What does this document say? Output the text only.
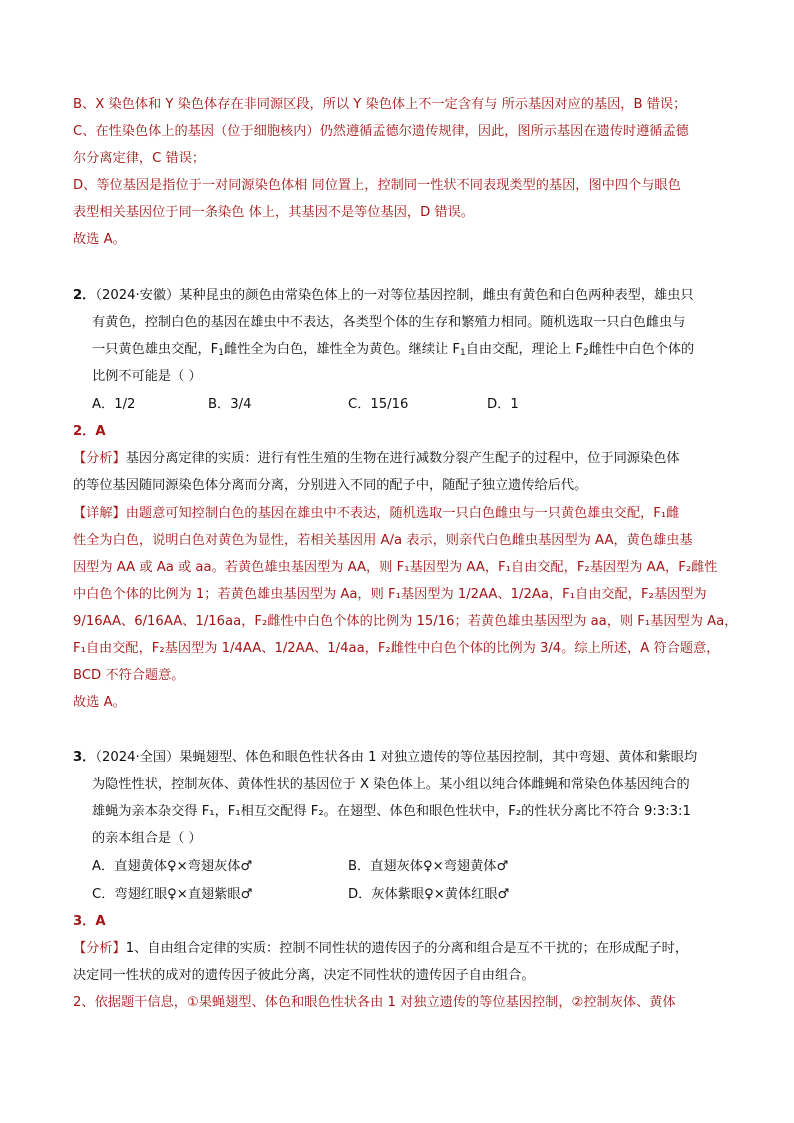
B、X 染色体和 Y 染色体存在非同源区段，所以 Y 染色体上不一定含有与 所示基因对应的基因，B 错误；
C、在性染色体上的基因（位于细胞核内）仍然遵循孟德尔遗传规律，因此，图所示基因在遗传时遵循孟德
尔分离定律，C 错误；
D、等位基因是指位于一对同源染色体相 同位置上，控制同一性状不同表现类型的基因，图中四个与眼色
表型相关基因位于同一条染色 体上，其基因不是等位基因，D 错误。
故选 A。
2．（2024·安徽）某种昆虫的颜色由常染色体上的一对等位基因控制，雌虫有黄色和白色两种表型，雄虫只
有黄色，控制白色的基因在雄虫中不表达，各类型个体的生存和繁殖力相同。随机选取一只白色雌虫与
一只黄色雄虫交配，$F_1$雌性全为白色，雄性全为黄色。继续让 $F_1$自由交配，理论上 $F_2$雌性中白色个体的
比例不可能是（ ）
A．1/2	B．3/4	C．15/16	D．1
2．A
【分析】基因分离定律的实质：进行有性生殖的生物在进行减数分裂产生配子的过程中，位于同源染色体
的等位基因随同源染色体分离而分离，分别进入不同的配子中，随配子独立遗传给后代。
【详解】由题意可知控制白色的基因在雄虫中不表达，随机选取一只白色雌虫与一只黄色雄虫交配，F₁雌
性全为白色，说明白色对黄色为显性，若相关基因用 A/a 表示，则亲代白色雌虫基因型为 AA，黄色雄虫基
因型为 AA 或 Aa 或 aa。若黄色雄虫基因型为 AA，则 F₁基因型为 AA，F₁自由交配，F₂基因型为 AA，F₂雌性
中白色个体的比例为 1；若黄色雄虫基因型为 Aa，则 F₁基因型为 1/2AA、1/2Aa，F₁自由交配，F₂基因型为
9/16AA、6/16AA、1/16aa，F₂雌性中白色个体的比例为 15/16；若黄色雄虫基因型为 aa，则 F₁基因型为 Aa，
F₁自由交配，F₂基因型为 1/4AA、1/2AA、1/4aa，F₂雌性中白色个体的比例为 3/4。综上所述，A 符合题意，
BCD 不符合题意。
故选 A。
3．（2024·全国）果蝇翅型、体色和眼色性状各由 1 对独立遗传的等位基因控制，其中弯翅、黄体和紫眼均
为隐性性状，控制灰体、黄体性状的基因位于 X 染色体上。某小组以纯合体雌蝇和常染色体基因纯合的
雄蝇为亲本杂交得 F₁，F₁相互交配得 F₂。在翅型、体色和眼色性状中，F₂的性状分离比不符合 9:3:3:1
的亲本组合是（ ）
A．直翅黄体♀×弯翅灰体♂	B．直翅灰体♀×弯翅黄体♂
C．弯翅红眼♀×直翅紫眼♂	D．灰体紫眼♀×黄体红眼♂
3．A
【分析】1、自由组合定律的实质：控制不同性状的遗传因子的分离和组合是互不干扰的；在形成配子时，
决定同一性状的成对的遗传因子彼此分离，决定不同性状的遗传因子自由组合。
2、依据题干信息，①果蝇翅型、体色和眼色性状各由 1 对独立遗传的等位基因控制，②控制灰体、黄体
